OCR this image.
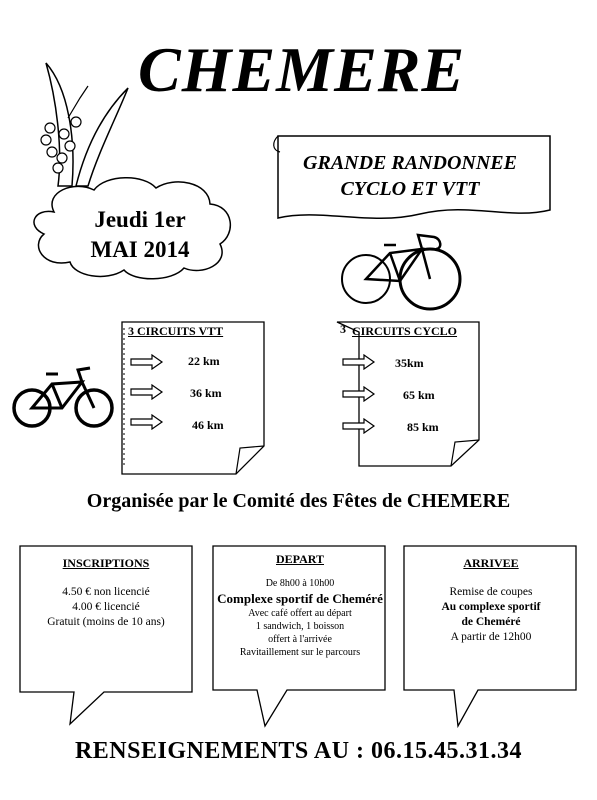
CHEMERE
GRANDE RANDONNEE
CYCLO ET VTT
Jeudi 1er
MAI 2014
3 CIRCUITS VTT
22 km
36 km
46 km
3 CIRCUITS CYCLO
35km
65 km
85 km
Organisée par le Comité des Fêtes de CHEMERE
INSCRIPTIONS
4.50 € non licencié
4.00 € licencié
Gratuit (moins de 10 ans)
DEPART
De 8h00 à 10h00
Complexe sportif de Cheméré
Avec café offert au départ
1 sandwich, 1 boisson
offert à l'arrivée
Ravitaillement sur le parcours
ARRIVEE
Remise de coupes
Au complexe sportif
de Cheméré
A partir de 12h00
RENSEIGNEMENTS AU : 06.15.45.31.34
